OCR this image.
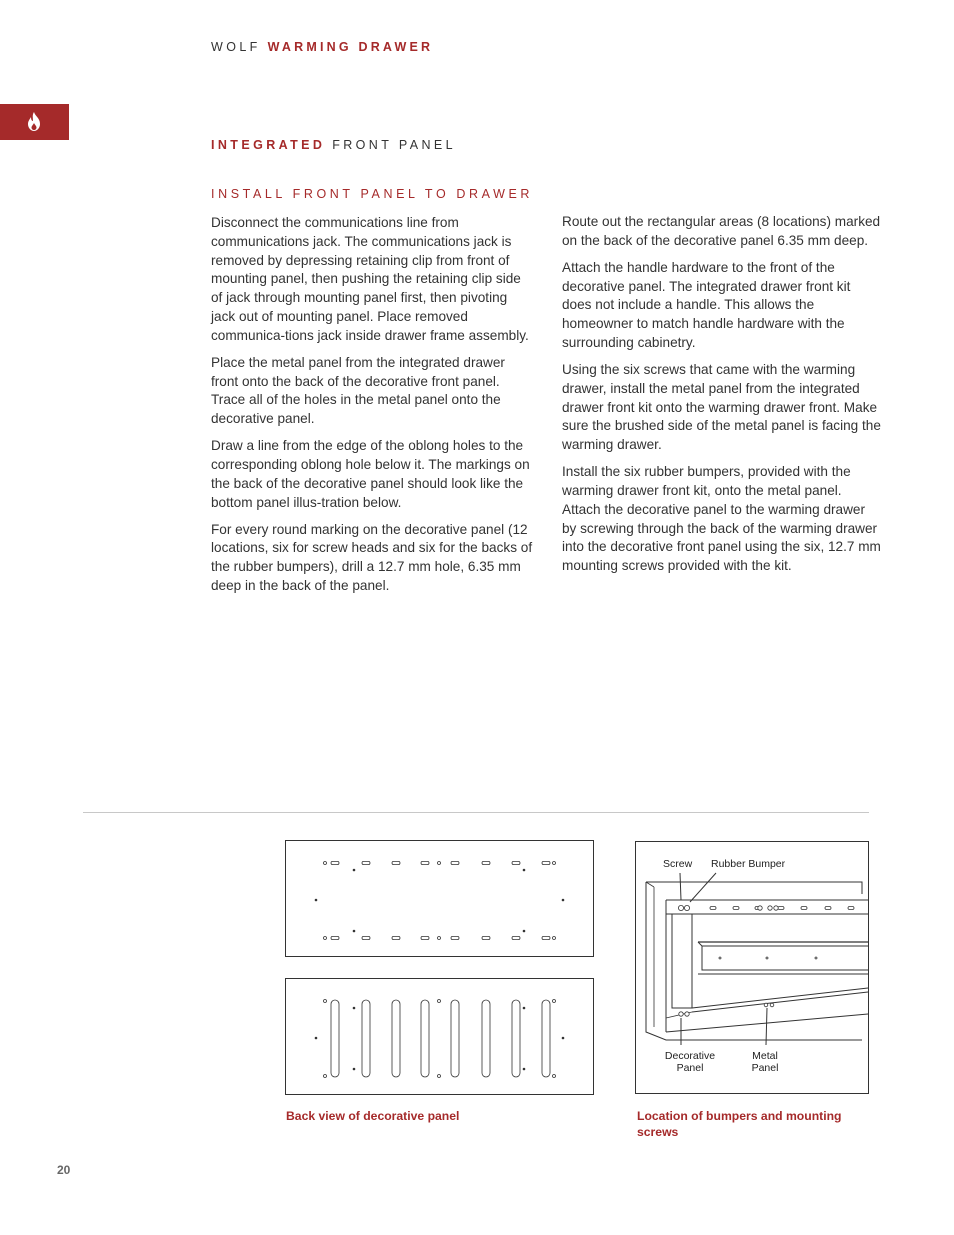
WOLF WARMING DRAWER
INTEGRATED FRONT PANEL
INSTALL FRONT PANEL TO DRAWER

Disconnect the communications line from communications jack. The communications jack is removed by depressing retaining clip from front of mounting panel, then pushing the retaining clip side of jack through mounting panel first, then pivoting jack out of mounting panel. Place removed communica-tions jack inside drawer frame assembly.

Place the metal panel from the integrated drawer front onto the back of the decorative front panel. Trace all of the holes in the metal panel onto the decorative panel.

Draw a line from the edge of the oblong holes to the corresponding oblong hole below it. The markings on the back of the decorative panel should look like the bottom panel illus-tration below.

For every round marking on the decorative panel (12 locations, six for screw heads and six for the backs of the rubber bumpers), drill a 12.7 mm hole, 6.35 mm deep in the back of the panel.

Route out the rectangular areas (8 locations) marked on the back of the decorative panel 6.35 mm deep.

Attach the handle hardware to the front of the decorative panel. The integrated drawer front kit does not include a handle. This allows the homeowner to match handle hardware with the surrounding cabinetry.

Using the six screws that came with the warming drawer, install the metal panel from the integrated drawer front kit onto the warming drawer front. Make sure the brushed side of the metal panel is facing the warming drawer.

Install the six rubber bumpers, provided with the warming drawer front kit, onto the metal panel. Attach the decorative panel to the warming drawer by screwing through the back of the warming drawer into the decorative front panel using the six, 12.7 mm mounting screws provided with the kit.

Screw Rubber Bumper
Decorative
Panel
Metal
Panel
Back view of decorative panel	Location of bumpers and mounting screws
20
